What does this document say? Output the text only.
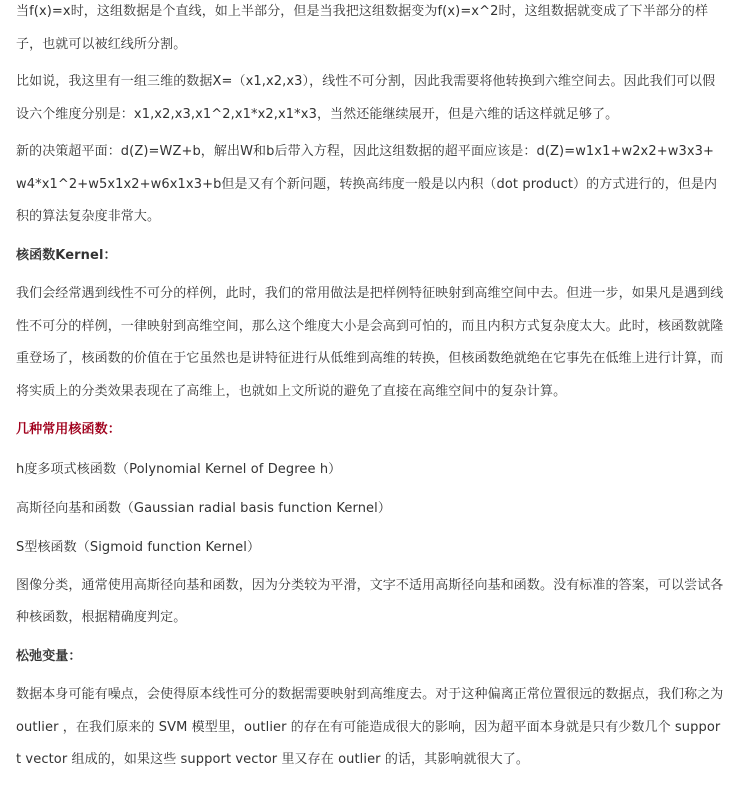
当f(x)=x时，这组数据是个直线，如上半部分，但是当我把这组数据变为f(x)=x^2时，这组数据就变成了下半部分的样子，也就可以被红线所分割。

比如说，我这里有一组三维的数据X=（x1,x2,x3），线性不可分割，因此我需要将他转换到六维空间去。因此我们可以假设六个维度分别是：x1,x2,x3,x1^2,x1*x2,x1*x3，当然还能继续展开，但是六维的话这样就足够了。

新的决策超平面：d(Z)=WZ+b，解出W和b后带入方程，因此这组数据的超平面应该是：d(Z)=w1x1+w2x2+w3x3+w4*x1^2+w5x1x2+w6x1x3+b但是又有个新问题，转换高纬度一般是以内积（dot product）的方式进行的，但是内积的算法复杂度非常大。

核函数Kernel：

我们会经常遇到线性不可分的样例，此时，我们的常用做法是把样例特征映射到高维空间中去。但进一步，如果凡是遇到线性不可分的样例，一律映射到高维空间，那么这个维度大小是会高到可怕的，而且内积方式复杂度太大。此时，核函数就隆重登场了，核函数的价值在于它虽然也是讲特征进行从低维到高维的转换，但核函数绝就绝在它事先在低维上进行计算，而将实质上的分类效果表现在了高维上，也就如上文所说的避免了直接在高维空间中的复杂计算。

几种常用核函数：

h度多项式核函数（Polynomial Kernel of Degree h）

高斯径向基和函数（Gaussian radial basis function Kernel）

S型核函数（Sigmoid function Kernel）

图像分类，通常使用高斯径向基和函数，因为分类较为平滑，文字不适用高斯径向基和函数。没有标准的答案，可以尝试各种核函数，根据精确度判定。

松弛变量：

数据本身可能有噪点，会使得原本线性可分的数据需要映射到高维度去。对于这种偏离正常位置很远的数据点，我们称之为 outlier ，在我们原来的 SVM 模型里，outlier 的存在有可能造成很大的影响，因为超平面本身就是只有少数几个 support vector 组成的，如果这些 support vector 里又存在 outlier 的话，其影响就很大了。
